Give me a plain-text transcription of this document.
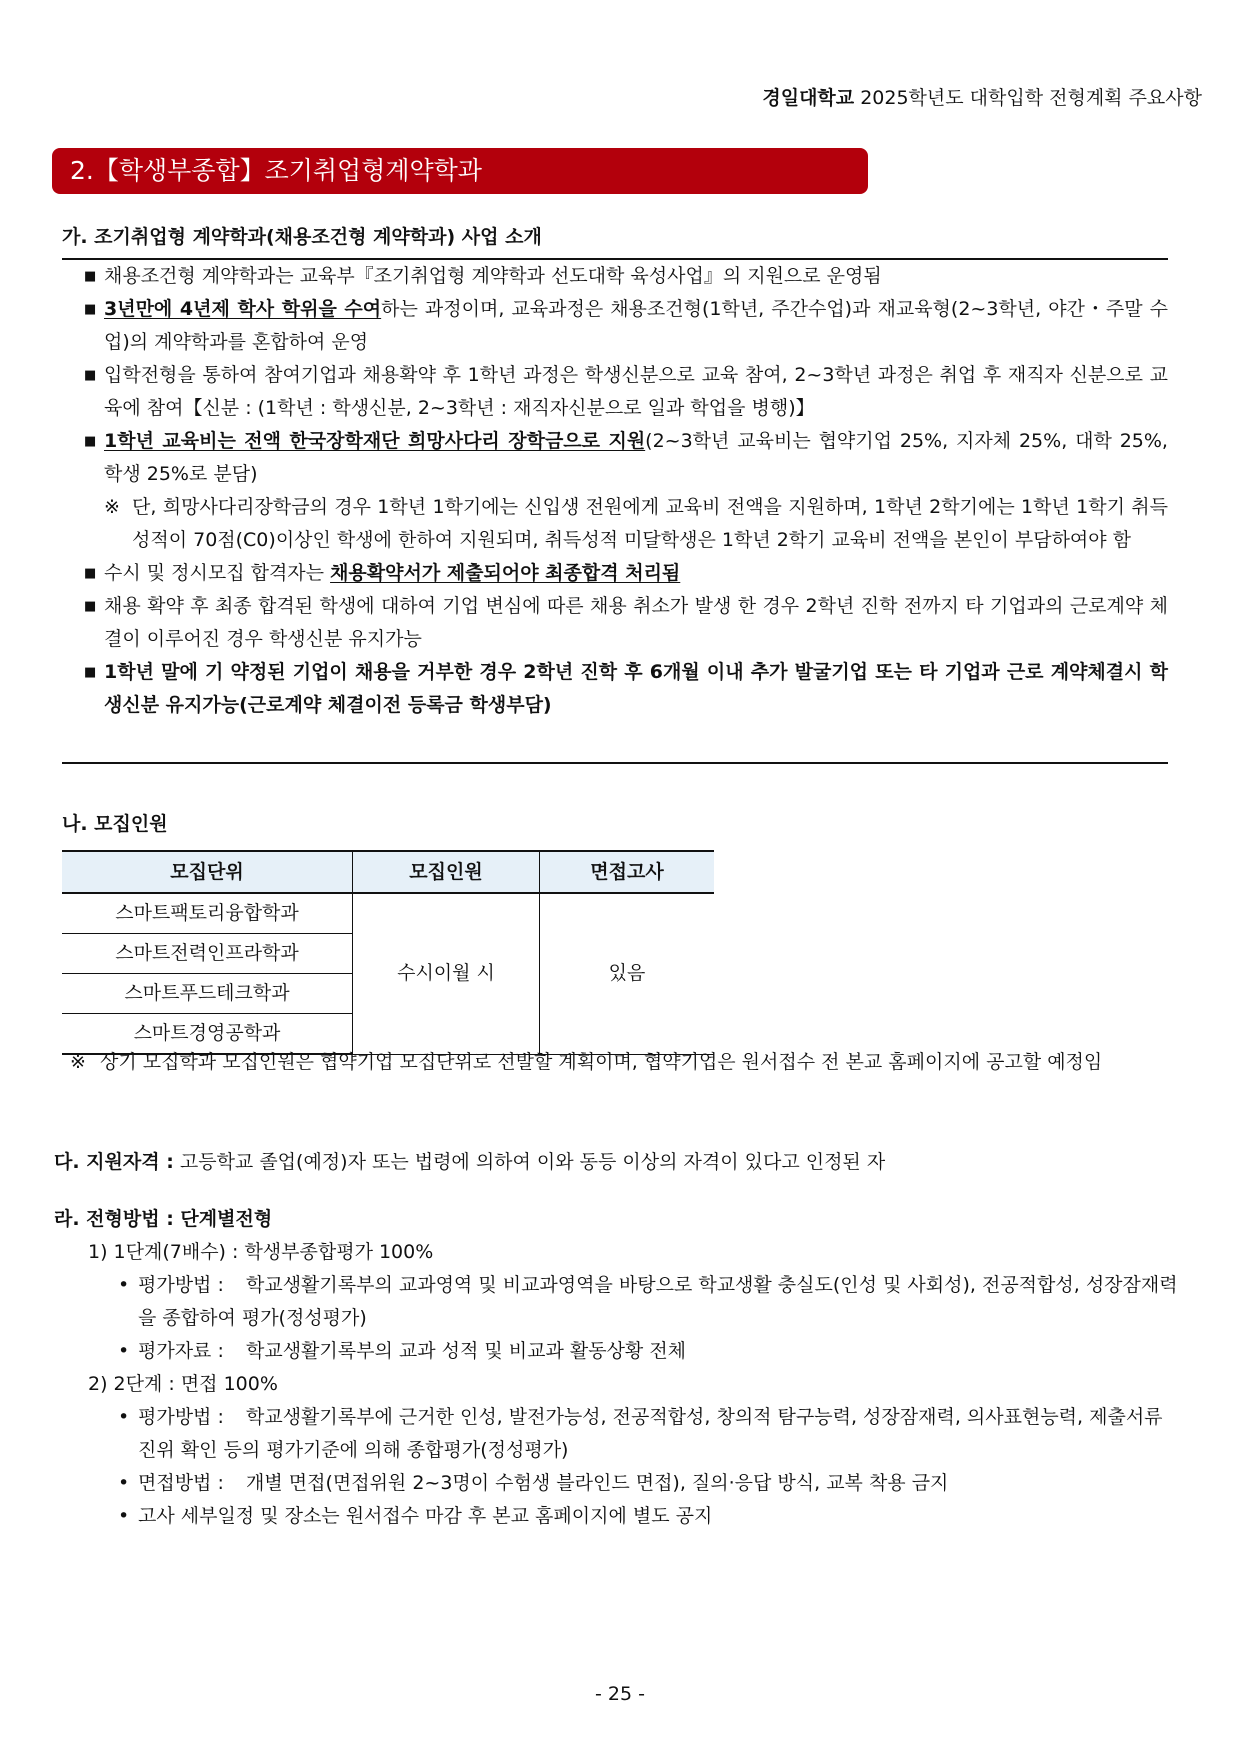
경일대학교 2025학년도 대학입학 전형계획 주요사항
2.【학생부종합】조기취업형계약학과
가. 조기취업형 계약학과(채용조건형 계약학과) 사업 소개
■ 채용조건형 계약학과는 교육부『조기취업형 계약학과 선도대학 육성사업』의 지원으로 운영됨
■ 3년만에 4년제 학사 학위을 수여하는 과정이며, 교육과정은 채용조건형(1학년, 주간수업)과 재교육형(2~3학년, 야간・주말 수업)의 계약학과를 혼합하여 운영
■ 입학전형을 통하여 참여기업과 채용확약 후 1학년 과정은 학생신분으로 교육 참여, 2~3학년 과정은 취업 후 재직자 신분으로 교육에 참여【신분 : (1학년 : 학생신분, 2~3학년 : 재직자신분으로 일과 학업을 병행)】
■ 1학년 교육비는 전액 한국장학재단 희망사다리 장학금으로 지원(2~3학년 교육비는 협약기업 25%, 지자체 25%, 대학 25%, 학생 25%로 분담)
※ 단, 희망사다리장학금의 경우 1학년 1학기에는 신입생 전원에게 교육비 전액을 지원하며, 1학년 2학기에는 1학년 1학기 취득 성적이 70점(C0)이상인 학생에 한하여 지원되며, 취득성적 미달학생은 1학년 2학기 교육비 전액을 본인이 부담하여야 함
■ 수시 및 정시모집 합격자는 채용확약서가 제출되어야 최종합격 처리됨
■ 채용 확약 후 최종 합격된 학생에 대하여 기업 변심에 따른 채용 취소가 발생 한 경우 2학년 진학 전까지 타 기업과의 근로계약 체결이 이루어진 경우 학생신분 유지가능
■ 1학년 말에 기 약정된 기업이 채용을 거부한 경우 2학년 진학 후 6개월 이내 추가 발굴기업 또는 타 기업과 근로 계약체결시 학생신분 유지가능(근로계약 체결이전 등록금 학생부담)
나. 모집인원
모집단위	모집인원	면접고사
스마트팩토리융합학과	수시이월 시	있음
스마트전력인프라학과		
스마트푸드테크학과		
스마트경영공학과		
※ 상기 모집학과 모집인원은 협약기업 모집단위로 선발할 계획이며, 협약기업은 원서접수 전 본교 홈페이지에 공고할 예정임
다. 지원자격 : 고등학교 졸업(예정)자 또는 법령에 의하여 이와 동등 이상의 자격이 있다고 인정된 자
라. 전형방법 : 단계별전형
1) 1단계(7배수) : 학생부종합평가 100%
• 평가방법 : 학교생활기록부의 교과영역 및 비교과영역을 바탕으로 학교생활 충실도(인성 및 사회성), 전공적합성, 성장잠재력을 종합하여 평가(정성평가)
• 평가자료 : 학교생활기록부의 교과 성적 및 비교과 활동상황 전체
2) 2단계 : 면접 100%
• 평가방법 : 학교생활기록부에 근거한 인성, 발전가능성, 전공적합성, 창의적 탐구능력, 성장잠재력, 의사표현능력, 제출서류 진위 확인 등의 평가기준에 의해 종합평가(정성평가)
• 면접방법 : 개별 면접(면접위원 2~3명이 수험생 블라인드 면접), 질의·응답 방식, 교복 착용 금지
• 고사 세부일정 및 장소는 원서접수 마감 후 본교 홈페이지에 별도 공지
- 25 -
